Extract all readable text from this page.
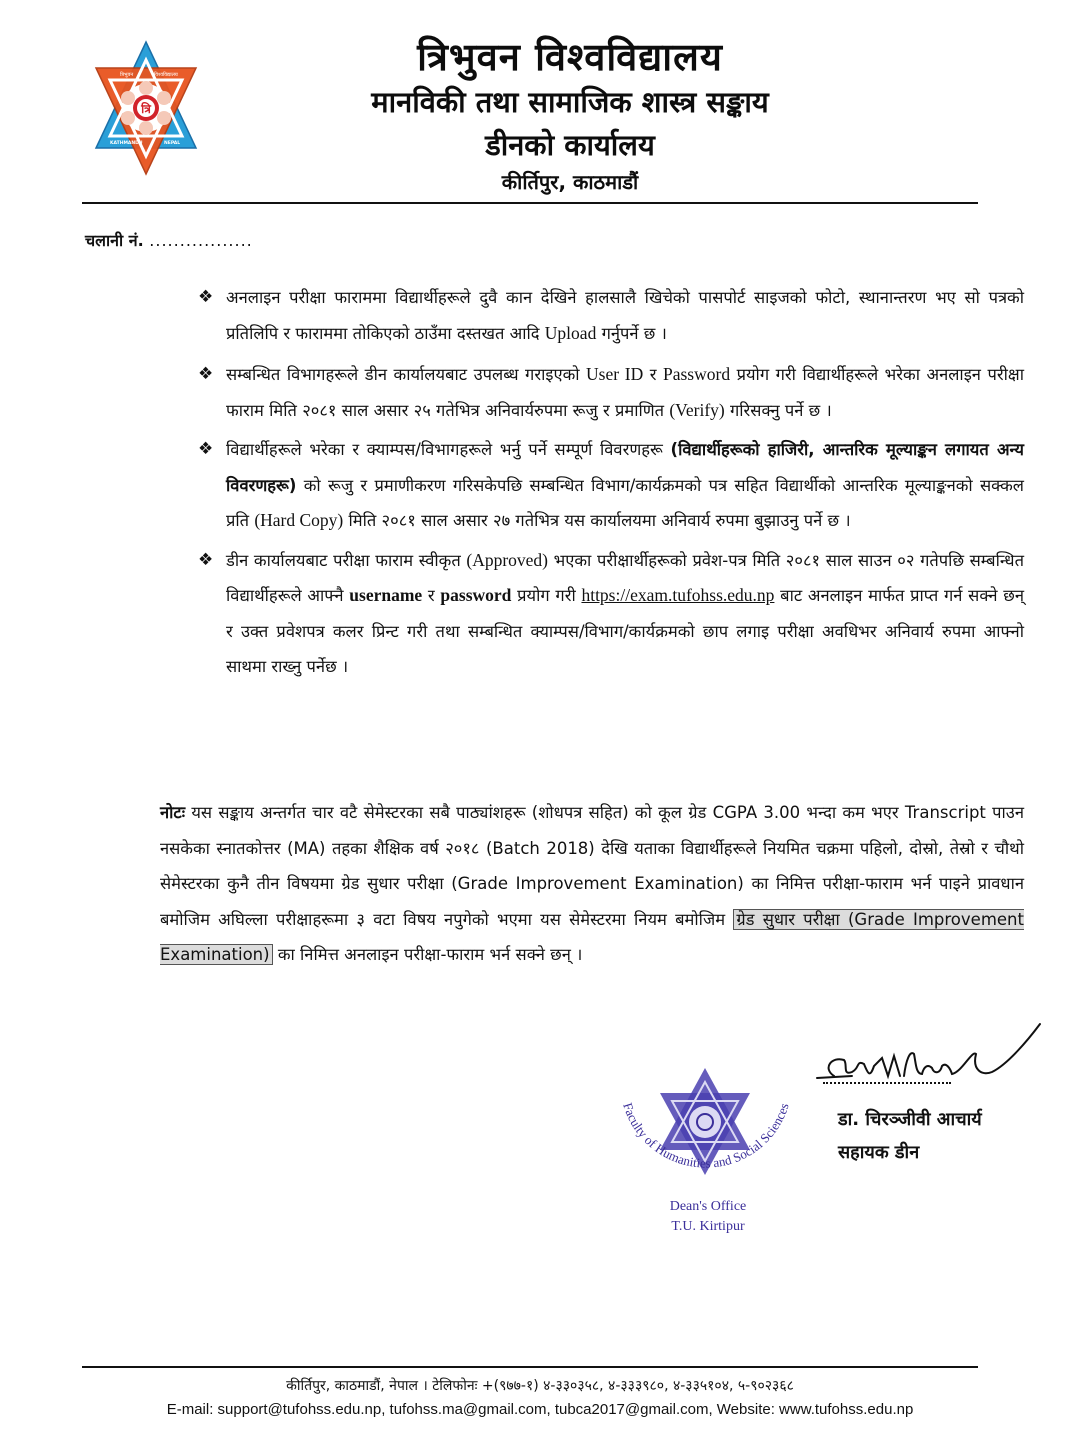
त्रि
त्रिभुवन	विश्वविद्यालय
KATHMANDU	NEPAL
त्रिभुवन विश्वविद्यालय
मानविकी तथा सामाजिक शास्त्र सङ्काय
डीनको कार्यालय
कीर्तिपुर, काठमाडौं
चलानी नं. .................
❖ अनलाइन परीक्षा फाराममा विद्यार्थीहरूले दुवै कान देखिने हालसालै खिचेको पासपोर्ट साइजको फोटो, स्थानान्तरण भए सो पत्रको प्रतिलिपि र फाराममा तोकिएको ठाउँमा दस्तखत आदि Upload गर्नुपर्ने छ ।
❖ सम्बन्धित विभागहरूले डीन कार्यालयबाट उपलब्ध गराइएको User ID र Password प्रयोग गरी विद्यार्थीहरूले भरेका अनलाइन परीक्षा फाराम मिति २०८१ साल असार २५ गतेभित्र अनिवार्यरुपमा रूजु र प्रमाणित (Verify) गरिसक्नु पर्ने छ ।
❖ विद्यार्थीहरूले भरेका र क्याम्पस/विभागहरूले भर्नु पर्ने सम्पूर्ण विवरणहरू (विद्यार्थीहरूको हाजिरी, आन्तरिक मूल्याङ्कन लगायत अन्य विवरणहरू) को रूजु र प्रमाणीकरण गरिसकेपछि सम्बन्धित विभाग/कार्यक्रमको पत्र सहित विद्यार्थीको आन्तरिक मूल्याङ्कनको सक्कल प्रति (Hard Copy) मिति २०८१ साल असार २७ गतेभित्र यस कार्यालयमा अनिवार्य रुपमा बुझाउनु पर्ने छ ।
❖ डीन कार्यालयबाट परीक्षा फाराम स्वीकृत (Approved) भएका परीक्षार्थीहरूको प्रवेश-पत्र मिति २०८१ साल साउन ०२ गतेपछि सम्बन्धित विद्यार्थीहरूले आफ्नै username र password प्रयोग गरी https://exam.tufohss.edu.np बाट अनलाइन मार्फत प्राप्त गर्न सक्ने छन् र उक्त प्रवेशपत्र कलर प्रिन्ट गरी तथा सम्बन्धित क्याम्पस/विभाग/कार्यक्रमको छाप लगाइ परीक्षा अवधिभर अनिवार्य रुपमा आफ्नो साथमा राख्नु पर्नेछ ।
नोटः यस सङ्काय अन्तर्गत चार वटै सेमेस्टरका सबै पाठ्यांशहरू (शोधपत्र सहित) को कूल ग्रेड CGPA 3.00 भन्दा कम भएर Transcript पाउन नसकेका स्नातकोत्तर (MA) तहका शैक्षिक वर्ष २०१८ (Batch 2018) देखि यताका विद्यार्थीहरूले नियमित चक्रमा पहिलो, दोस्रो, तेस्रो र चौथो सेमेस्टरका कुनै तीन विषयमा ग्रेड सुधार परीक्षा (Grade Improvement Examination) का निमित्त परीक्षा-फाराम भर्न पाइने प्रावधान बमोजिम अघिल्ला परीक्षाहरूमा ३ वटा विषय नपुगेको भएमा यस सेमेस्टरमा नियम बमोजिम ग्रेड सुधार परीक्षा (Grade Improvement Examination) का निमित्त अनलाइन परीक्षा-फाराम भर्न सक्ने छन् ।
Faculty of Humanities and Social Sciences
Dean's Office
T.U. Kirtipur
डा. चिरञ्जीवी आचार्य
सहायक डीन
कीर्तिपुर, काठमाडौं, नेपाल । टेलिफोनः +(९७७-१) ४-३३०३५८, ४-३३३९८०, ४-३३५१०४, ५-९०२३६८
E-mail: support@tufohss.edu.np, tufohss.ma@gmail.com, tubca2017@gmail.com, Website: www.tufohss.edu.np
